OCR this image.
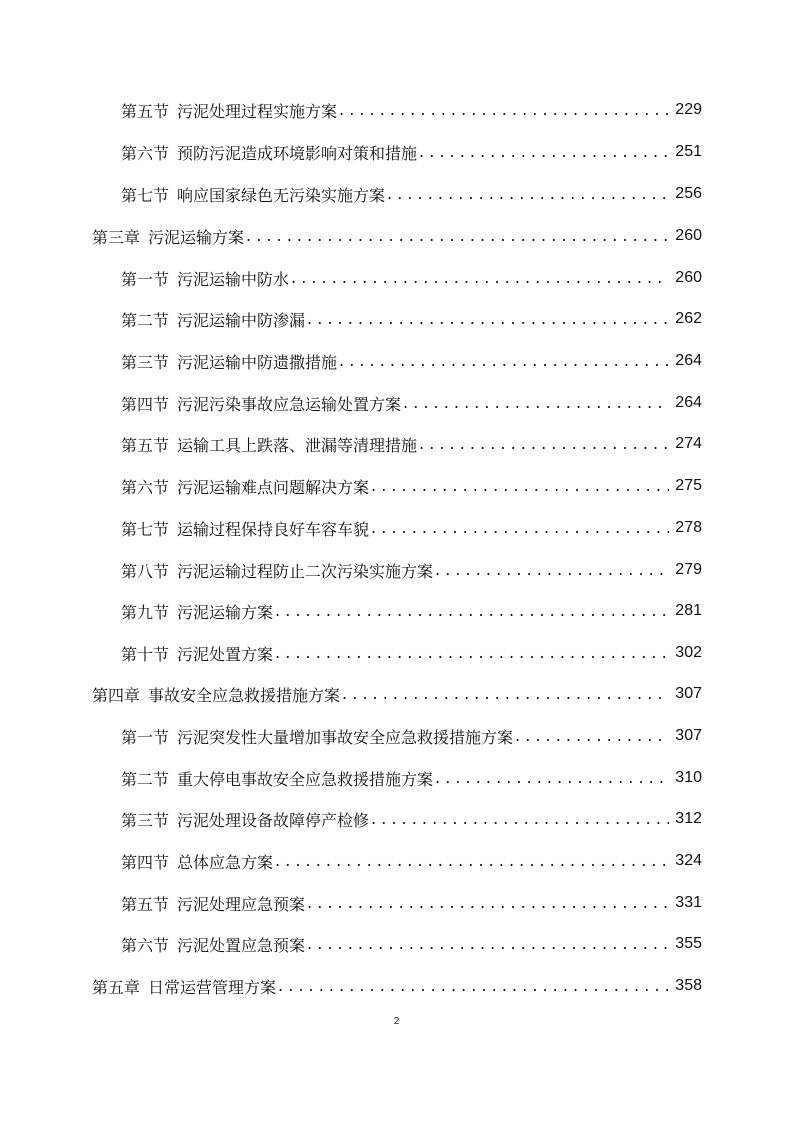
第五节 污泥处理过程实施方案 . . .	229
第六节 预防污泥造成环境影响对策和措施 . . .	251
第七节 响应国家绿色无污染实施方案 . . .	256
第三章 污泥运输方案 . . .	260
第一节 污泥运输中防水 . . .	260
第二节 污泥运输中防渗漏 . . .	262
第三节 污泥运输中防遗撒措施 . . .	264
第四节 污泥污染事故应急运输处置方案 . . .	264
第五节 运输工具上跌落、泄漏等清理措施 . . .	274
第六节 污泥运输难点问题解决方案 . . .	275
第七节 运输过程保持良好车容车貌 . . .	278
第八节 污泥运输过程防止二次污染实施方案 . . .	279
第九节 污泥运输方案 . . .	281
第十节 污泥处置方案 . . .	302
第四章 事故安全应急救援措施方案 . . .	307
第一节 污泥突发性大量增加事故安全应急救援措施方案 . . .	307
第二节 重大停电事故安全应急救援措施方案 . . .	310
第三节 污泥处理设备故障停产检修 . . .	312
第四节 总体应急方案 . . .	324
第五节 污泥处理应急预案 . . .	331
第六节 污泥处置应急预案 . . .	355
第五章 日常运营管理方案 . . .	358
2
